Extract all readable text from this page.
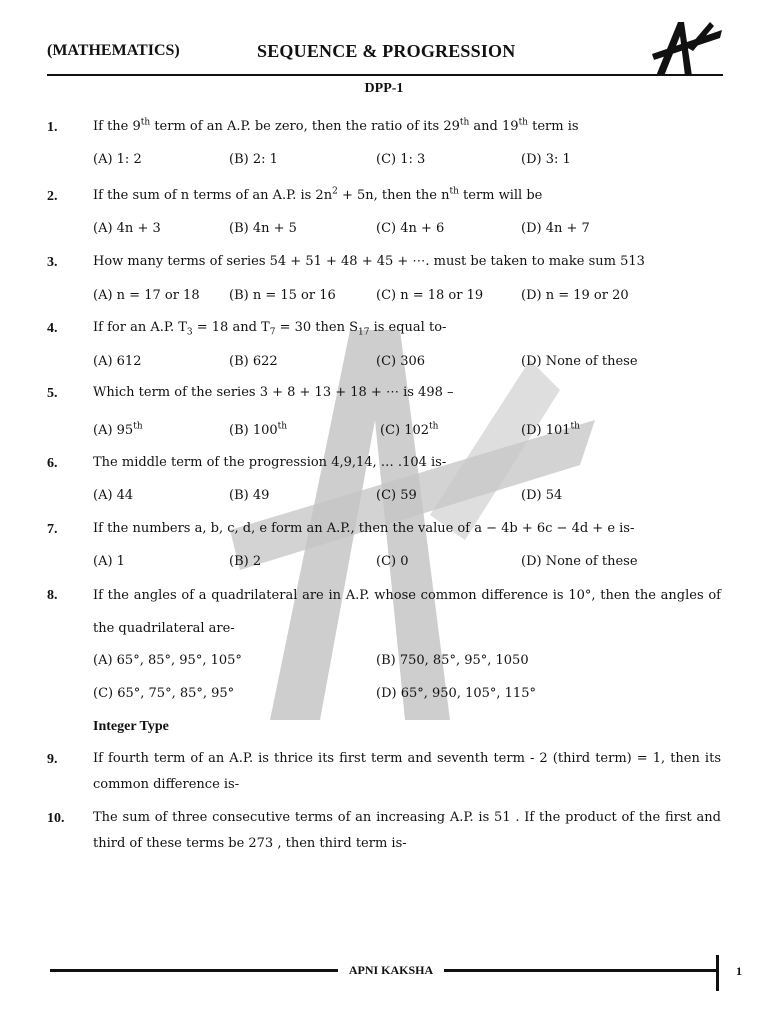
(MATHEMATICS)	SEQUENCE & PROGRESSION
DPP-1
1.	If the 9th term of an A.P. be zero, then the ratio of its 29th and 19th term is
(A) 1: 2	(B) 2: 1	(C) 1: 3	(D) 3: 1
2.	If the sum of n terms of an A.P. is $2n^2 + 5n$, then the $n^{th}$ term will be
(A) 4n + 3	(B) 4n + 5	(C) 4n + 6	(D) 4n + 7
3.	How many terms of series 54 + 51 + 48 + 45 + ⋯. must be taken to make sum 513
(A) n = 17 or 18 (B) n = 15 or 16	(C) n = 18 or 19	(D) n = 19 or 20
4.	If for an A.P. $T_3 = 18$ and $T_7 = 30$ then $S_{17}$ is equal to-
(A) 612	(B) 622	(C) 306	(D) None of these
5.	Which term of the series 3 + 8 + 13 + 18 + ⋯ is 498 –
(A) 95th	(B) 100th	(C) 102th	(D) 101th
6.	The middle term of the progression 4,9,14, … .104 is-
(A) 44	(B) 49	(C) 59	(D) 54
7.	If the numbers a, b, c, d, e form an A.P., then the value of a − 4b + 6c − 4d + e is-
(A) 1	(B) 2	(C) 0	(D) None of these
8.	If the angles of a quadrilateral are in A.P. whose common difference is 10°, then the angles of the quadrilateral are-
(A) 65°, 85°, 95°, 105°	(B) 750, 85°, 95°, 1050
(C) 65°, 75°, 85°, 95°	(D) 65°, 950, 105°, 115°
Integer Type
9.	If fourth term of an A.P. is thrice its first term and seventh term - 2 (third term) = 1, then its common difference is-
10. The sum of three consecutive terms of an increasing A.P. is 51 . If the product of the first and third of these terms be 273 , then third term is-
APNI KAKSHA	1
